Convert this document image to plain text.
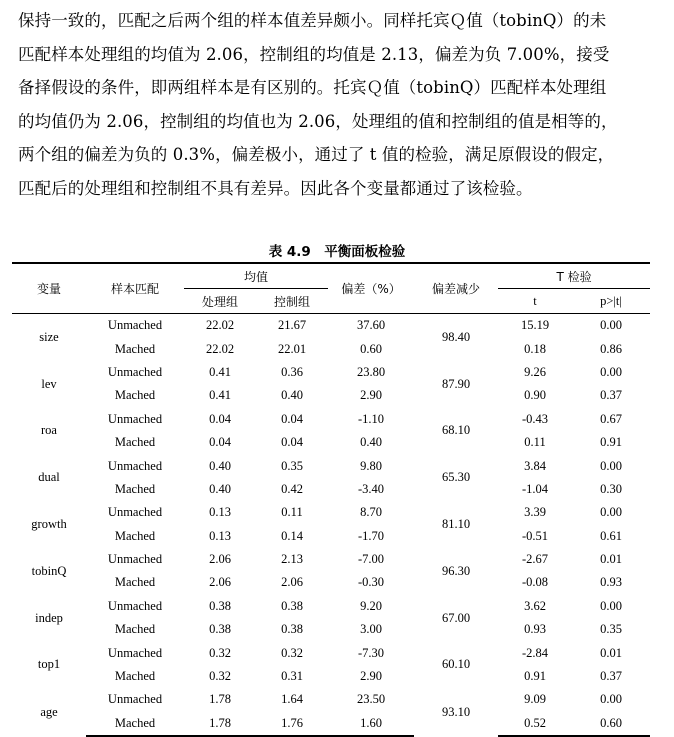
保持一致的，匹配之后两个组的样本值差异颇小。同样托宾Ｑ值（tobinQ）的未
匹配样本处理组的均值为 2.06，控制组的均值是 2.13，偏差为负 7.00%，接受
备择假设的条件，即两组样本是有区别的。托宾Ｑ值（tobinQ）匹配样本处理组
的均值仍为 2.06，控制组的均值也为 2.06，处理组的值和控制组的值是相等的，
两个组的偏差为负的 0.3%，偏差极小，通过了 t 值的检验，满足原假设的假定，
匹配后的处理组和控制组不具有差异。因此各个变量都通过了该检验。
表 4.9　平衡面板检验
变量	样本匹配	均值		偏差（%）	偏差减少	T 检验	
		处理组	控制组			t	p>|t|
size	Unmached	22.02	21.67	37.60	98.40	15.19	0.00
	Mached	22.02	22.01	0.60		0.18	0.86
lev	Unmached	0.41	0.36	23.80	87.90	9.26	0.00
	Mached	0.41	0.40	2.90		0.90	0.37
roa	Unmached	0.04	0.04	-1.10	68.10	-0.43	0.67
	Mached	0.04	0.04	0.40		0.11	0.91
dual	Unmached	0.40	0.35	9.80	65.30	3.84	0.00
	Mached	0.40	0.42	-3.40		-1.04	0.30
growth	Unmached	0.13	0.11	8.70	81.10	3.39	0.00
	Mached	0.13	0.14	-1.70		-0.51	0.61
tobinQ	Unmached	2.06	2.13	-7.00	96.30	-2.67	0.01
	Mached	2.06	2.06	-0.30		-0.08	0.93
indep	Unmached	0.38	0.38	9.20	67.00	3.62	0.00
	Mached	0.38	0.38	3.00		0.93	0.35
top1	Unmached	0.32	0.32	-7.30	60.10	-2.84	0.01
	Mached	0.32	0.31	2.90		0.91	0.37
age	Unmached	1.78	1.64	23.50	93.10	9.09	0.00
	Mached	1.78	1.76	1.60		0.52	0.60
